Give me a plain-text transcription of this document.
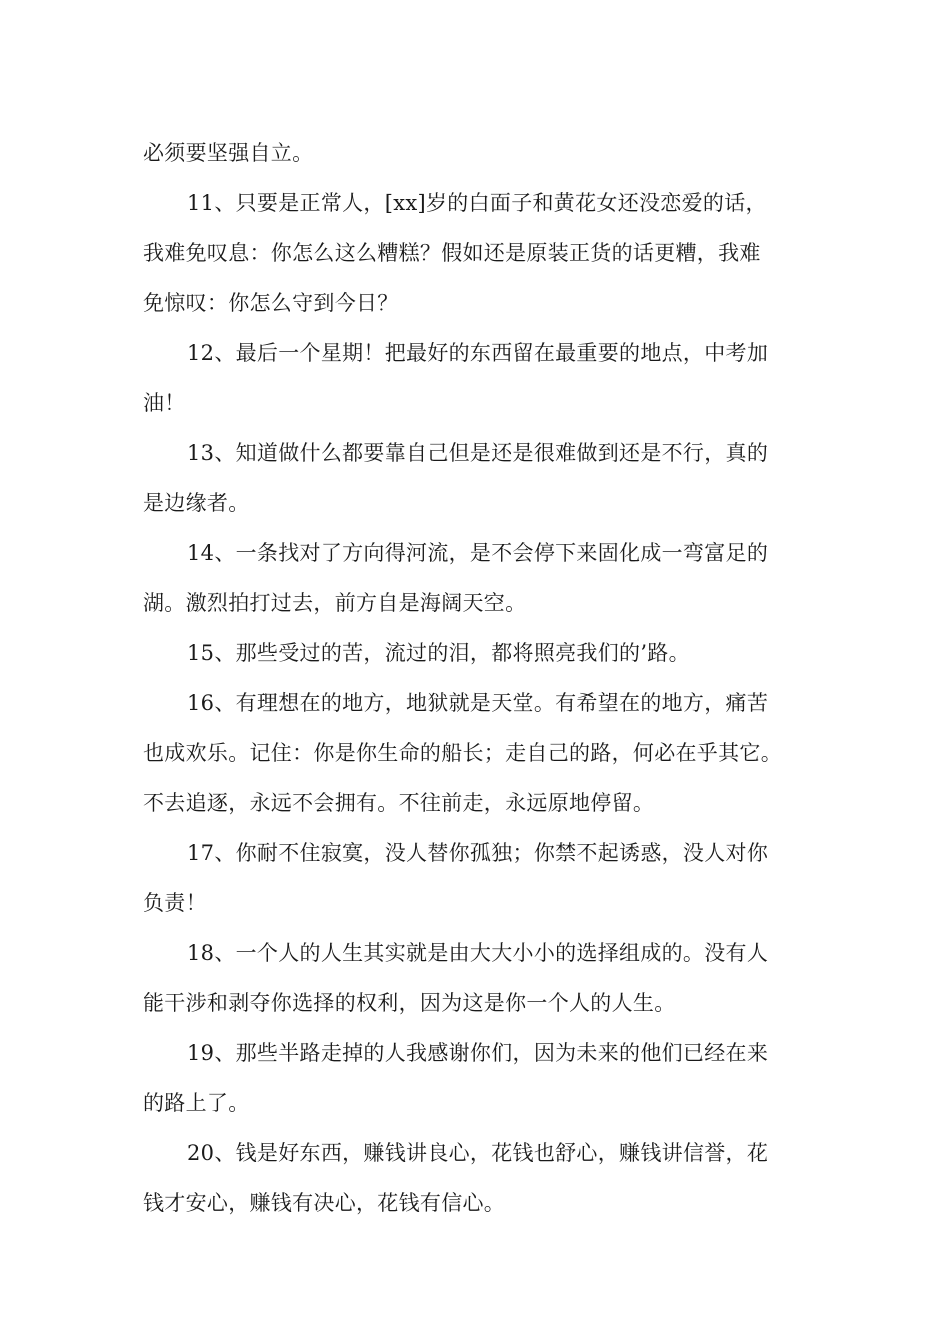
必须要坚强自立。
11、只要是正常人，[xx]岁的白面子和黄花女还没恋爱的话，
我难免叹息：你怎么这么糟糕？假如还是原装正货的话更糟，我难
免惊叹：你怎么守到今日？
12、最后一个星期！把最好的东西留在最重要的地点，中考加
油！
13、知道做什么都要靠自己但是还是很难做到还是不行，真的
是边缘者。
14、一条找对了方向得河流，是不会停下来固化成一弯富足的
湖。激烈拍打过去，前方自是海阔天空。
15、那些受过的苦，流过的泪，都将照亮我们的’路。
16、有理想在的地方，地狱就是天堂。有希望在的地方，痛苦
也成欢乐。记住：你是你生命的船长；走自己的路，何必在乎其它。
不去追逐，永远不会拥有。不往前走，永远原地停留。
17、你耐不住寂寞，没人替你孤独；你禁不起诱惑，没人对你
负责！
18、一个人的人生其实就是由大大小小的选择组成的。没有人
能干涉和剥夺你选择的权利，因为这是你一个人的人生。
19、那些半路走掉的人我感谢你们，因为未来的他们已经在来
的路上了。
20、钱是好东西，赚钱讲良心，花钱也舒心，赚钱讲信誉，花
钱才安心，赚钱有决心，花钱有信心。
